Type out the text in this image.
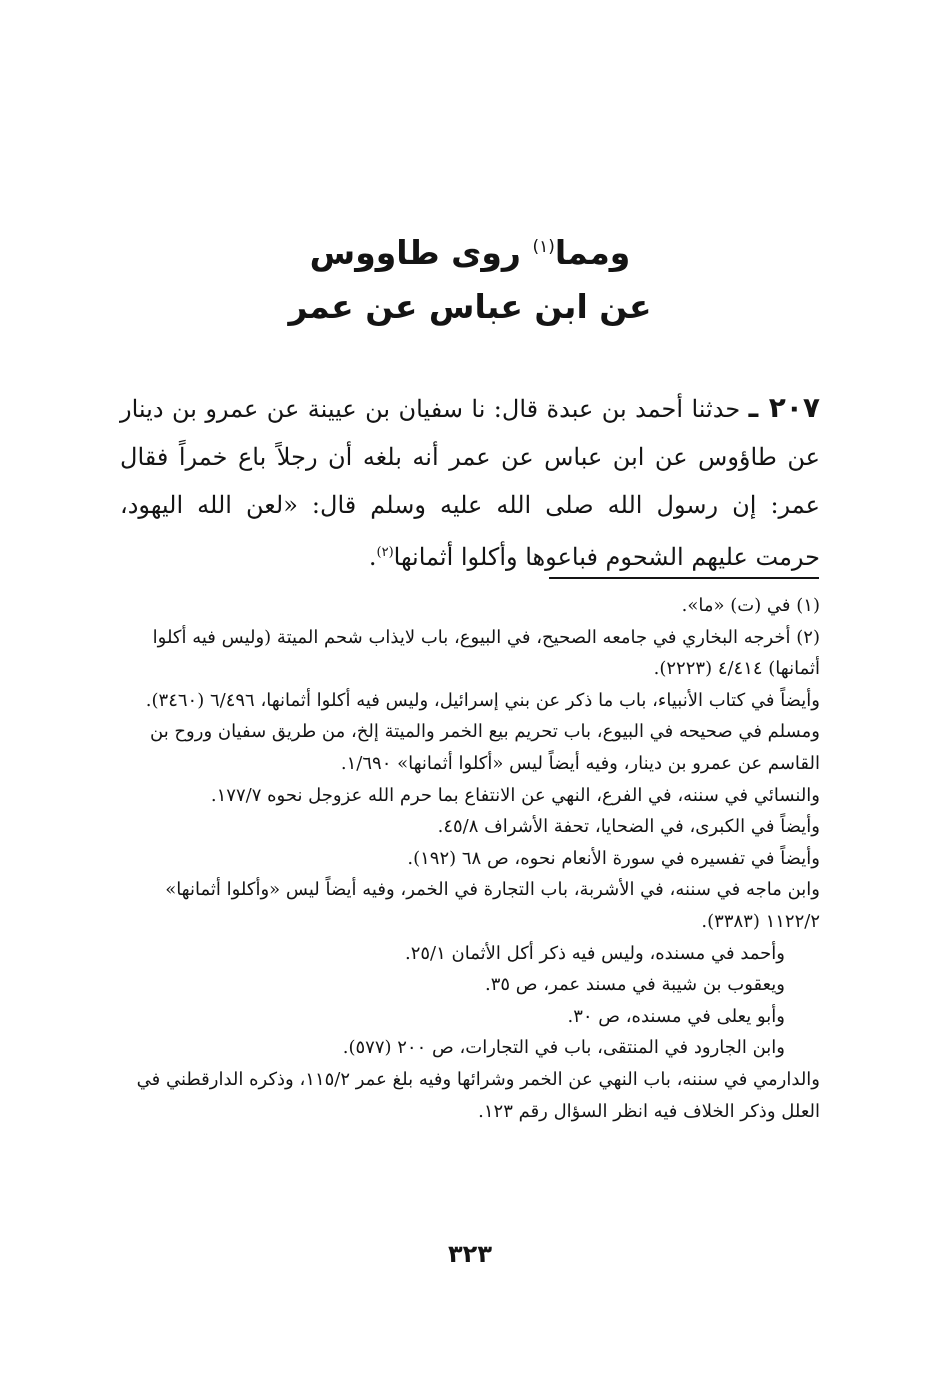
ومما$^{(١)}$ روى طاووس
عن ابن عباس عن عمر

٢٠٧ ـ حدثنا أحمد بن عبدة قال: نا سفيان بن عيينة عن عمرو بن دينار عن طاؤوس عن ابن عباس عن عمر أنه بلغه أن رجلاً باع خمراً فقال عمر: إن رسول الله صلى الله عليه وسلم قال: «لعن الله اليهود، حرمت عليهم الشحوم فباعوها وأكلوا أثمانها$^{(٢)}$.

(١) في (ت) «ما».
(٢) أخرجه البخاري في جامعه الصحيح، في البيوع، باب لايذاب شحم الميتة (وليس فيه أكلوا أثمانها) ٤/٤١٤ (٢٢٢٣).
وأيضاً في كتاب الأنبياء، باب ما ذكر عن بني إسرائيل، وليس فيه أكلوا أثمانها، ٦/٤٩٦ (٣٤٦٠).
ومسلم في صحيحه في البيوع، باب تحريم بيع الخمر والميتة إلخ، من طريق سفيان وروح بن القاسم عن عمرو بن دينار، وفيه أيضاً ليس «أكلوا أثمانها» ١/٦٩٠.
والنسائي في سننه، في الفرع، النهي عن الانتفاع بما حرم الله عزوجل نحوه ١٧٧/٧.
وأيضاً في الكبرى، في الضحايا، تحفة الأشراف ٤٥/٨.
وأيضاً في تفسيره في سورة الأنعام نحوه، ص ٦٨ (١٩٢).
وابن ماجه في سننه، في الأشربة، باب التجارة في الخمر، وفيه أيضاً ليس «وأكلوا أثمانها» ١١٢٢/٢ (٣٣٨٣).
وأحمد في مسنده، وليس فيه ذكر أكل الأثمان ٢٥/١.
ويعقوب بن شيبة في مسند عمر، ص ٣٥.
وأبو يعلى في مسنده، ص ٣٠.
وابن الجارود في المنتقى، باب في التجارات، ص ٢٠٠ (٥٧٧).
والدارمي في سننه، باب النهي عن الخمر وشرائها وفيه بلغ عمر ١١٥/٢، وذكره الدارقطني في العلل وذكر الخلاف فيه انظر السؤال رقم ١٢٣.
٣٢٣
